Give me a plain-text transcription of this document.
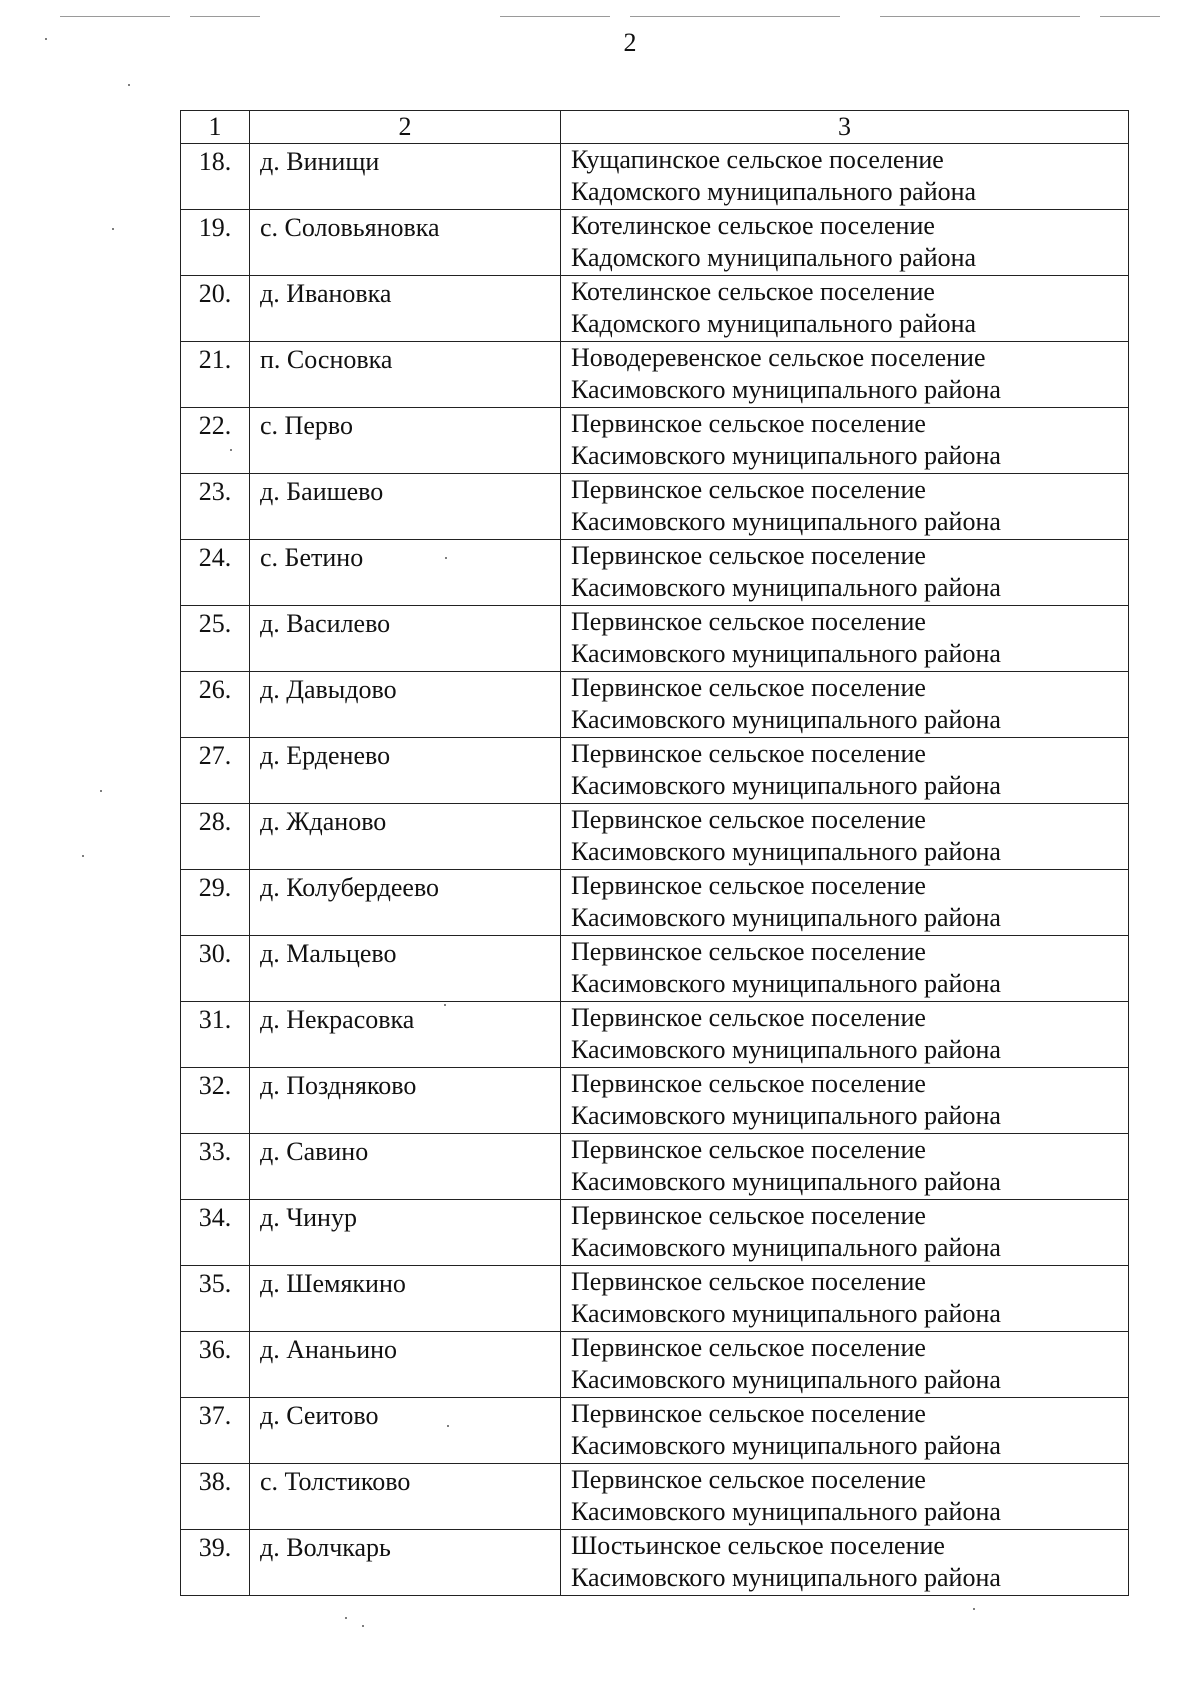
2
1	2	3
18.	д. Винищи	Кущапинское сельское поселение
Кадомского муниципального района

19.	с. Соловьяновка	Котелинское сельское поселение
Кадомского муниципального района

20.	д. Ивановка	Котелинское сельское поселение
Кадомского муниципального района

21.	п. Сосновка	Новодеревенское сельское поселение
Касимовского муниципального района

22.	с. Перво	Первинское сельское поселение
Касимовского муниципального района

23.	д. Баишево	Первинское сельское поселение
Касимовского муниципального района

24.	с. Бетино	Первинское сельское поселение
Касимовского муниципального района

25.	д. Василево	Первинское сельское поселение
Касимовского муниципального района

26.	д. Давыдово	Первинское сельское поселение
Касимовского муниципального района

27.	д. Ерденево	Первинское сельское поселение
Касимовского муниципального района

28.	д. Жданово	Первинское сельское поселение
Касимовского муниципального района

29.	д. Колубердеево	Первинское сельское поселение
Касимовского муниципального района

30.	д. Мальцево	Первинское сельское поселение
Касимовского муниципального района

31.	д. Некрасовка	Первинское сельское поселение
Касимовского муниципального района

32.	д. Поздняково	Первинское сельское поселение
Касимовского муниципального района

33.	д. Савино	Первинское сельское поселение
Касимовского муниципального района

34.	д. Чинур	Первинское сельское поселение
Касимовского муниципального района

35.	д. Шемякино	Первинское сельское поселение
Касимовского муниципального района

36.	д. Ананьино	Первинское сельское поселение
Касимовского муниципального района

37.	д. Сеитово	Первинское сельское поселение
Касимовского муниципального района

38.	с. Толстиково	Первинское сельское поселение
Касимовского муниципального района

39.	д. Волчкарь	Шостьинское сельское поселение
Касимовского муниципального района
